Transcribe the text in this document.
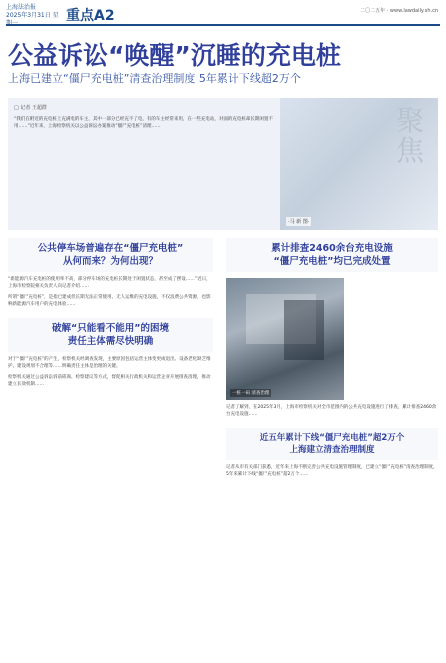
上海法治报
2025年3月31日 星 重点A2	二〇二五年 · www.lawdaily.sh.cn
公益诉讼“唤醒”沉睡的充电桩
上海已建立“僵尸充电桩”清查治理制度 5年累计下线超2万个
□ 记者 王超群
“我们在附近的充电桩上充满电的车主，其中一部分已经充不了电，有的车主经常来用，在一些充电站，对面的充电桩却长期闲置不用……”近年来，上海检察机关以公益诉讼办案推动“僵尸充电桩”清理……	聚焦
·马 新 图·
公共停车场普遍存在“僵尸充电桩”
从何而来？为何出现？

“新能源汽车充电桩的使用率不高，部分停车场的充电桩长期处于闲置状态，甚至成了摆设……”近日，上海市检察院相关负责人向记者介绍……

所谓“僵尸充电桩”，是指已建成但长期无法正常使用、无人运维的充电设施，不仅浪费公共资源，也影响新能源汽车用户的充电体验……

破解“只能看不能用”的困境
责任主体需尽快明确

对于“僵尸充电桩”的产生，检察机关经调查发现，主要原因包括运营主体变更或退出、设备老化缺乏维护、建设规划不合理等……明确责任主体是治理的关键。

检察机关通过公益诉讼诉前磋商、检察建议等方式，督促相关行政机关和运营企业开展排查清理，推动建立长效机制……

累计排查2460余台充电设施
“僵尸充电桩”均已完成处置
一桩一码 清查治理

记者了解到，在2025年3月，上海市检察机关对全市范围内的公共充电设施进行了排查，累计排查2460余台充电设施……

近五年累计下线“僵尸充电桩”超2万个
上海建立清查治理制度

记者从市有关部门获悉，近年来上海不断完善公共充电设施管理制度，已建立“僵尸充电桩”清查治理制度，5年来累计下线“僵尸充电桩”超2万个……
